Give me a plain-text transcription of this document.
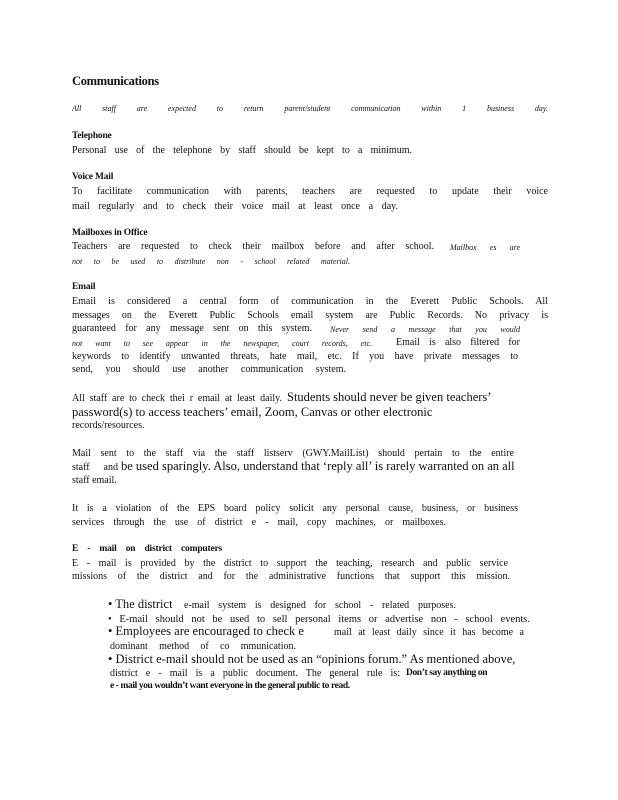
Communications
All staff are expected to return parent/student communication within 1 business day.
Telephone
Personal use of the telephone by staff should be kept to a minimum.
Voice Mail
To facilitate communication with parents, teachers are requested to update their voice
mail regularly and to check their voice mail at least once a day.
Mailboxes in Office
Teachers are requested to check their mailbox before and after school. Mailbox es are
not to be used to distribute non - school related material.
Email
Email is considered a central form of communication in the Everett Public Schools. All
messages on the Everett Public Schools email system are Public Records. No privacy is
guaranteed for any message sent on this system. Never send a message that you would
not want to see appear in the newspaper, court records, etc. Email is also filtered for
keywords to identify unwanted threats, hate mail, etc. If you have private messages to
send, you should use another communication system.
All staff are to check thei r email at least daily. Students should never be given teachers’
password(s) to access teachers’ email, Zoom, Canvas or other electronic
records/resources.
Mail sent to the staff via the staff listserv (GWY.MailList) should pertain to the entire
staff and be used sparingly. Also, understand that ‘reply all’ is rarely warranted on an all
staff email.
It is a violation of the EPS board policy solicit any personal cause, business, or business
services through the use of district e - mail, copy machines, or mailboxes.
E - mail on district computers
E - mail is provided by the district to support the teaching, research and public service
missions of the district and for the administrative functions that support this mission.
• The district	e-mail system is designed for school - related purposes.
• E-mail should not be used to sell personal items or advertise non - school events.
• Employees are encouraged to check e	mail at least daily since it has become a
dominant method of co mmunication.
• District e-mail should not be used as an “opinions forum.” As mentioned above,
district e - mail is a public document. The general rule is: Don’t say anything on
e - mail you wouldn’t want everyone in the general public to read.
